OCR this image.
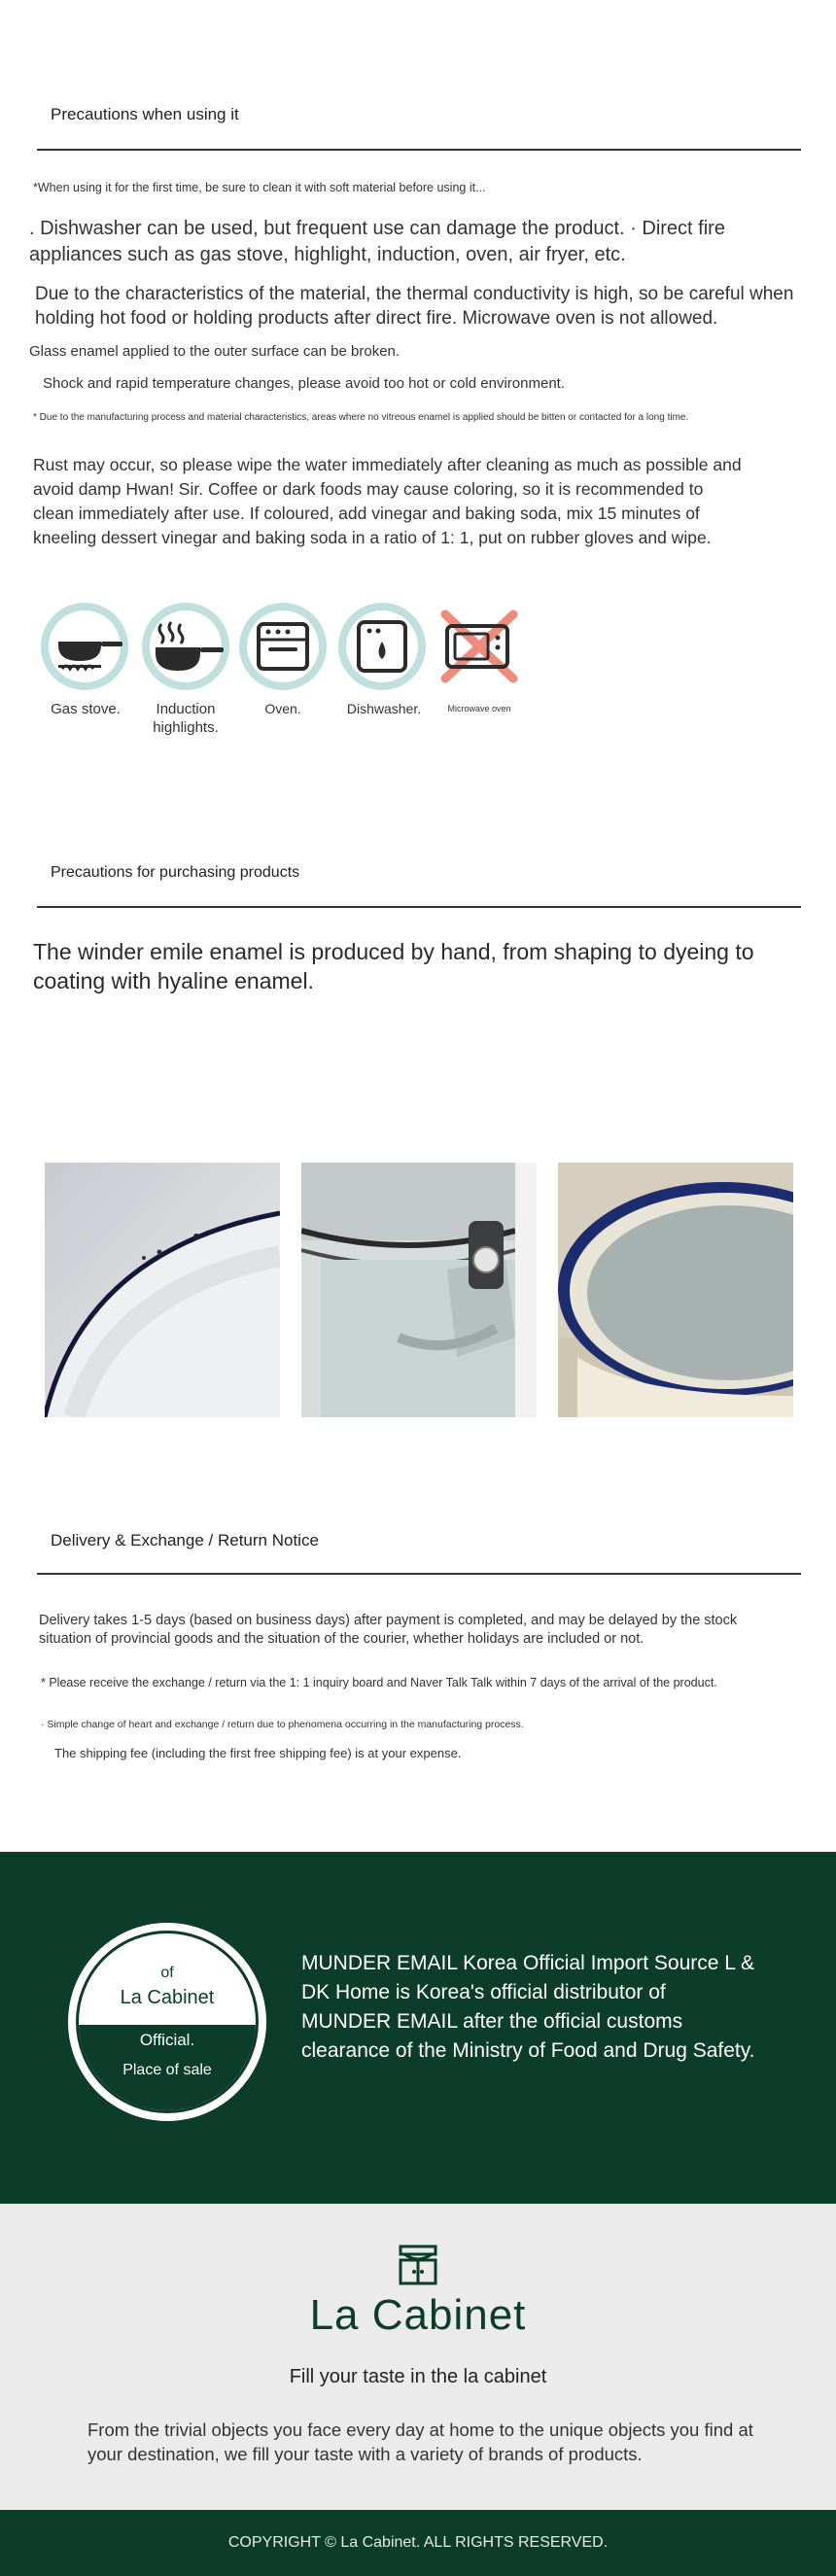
Precautions when using it
*When using it for the first time, be sure to clean it with soft material before using it...
. Dishwasher can be used, but frequent use can damage the product. · Direct fire appliances such as gas stove, highlight, induction, oven, air fryer, etc.
Due to the characteristics of the material, the thermal conductivity is high, so be careful when holding hot food or holding products after direct fire. Microwave oven is not allowed.
Glass enamel applied to the outer surface can be broken.
Shock and rapid temperature changes, please avoid too hot or cold environment.
* Due to the manufacturing process and material characteristics, areas where no vitreous enamel is applied should be bitten or contacted for a long time.
Rust may occur, so please wipe the water immediately after cleaning as much as possible and avoid damp Hwan! Sir. Coffee or dark foods may cause coloring, so it is recommended to clean immediately after use. If coloured, add vinegar and baking soda, mix 15 minutes of kneeling dessert vinegar and baking soda in a ratio of 1: 1, put on rubber gloves and wipe.
Gas stove.	Induction highlights.
Oven.	Dishwasher.	Microwave oven
Precautions for purchasing products
The winder emile enamel is produced by hand, from shaping to dyeing to coating with hyaline enamel.
Delivery & Exchange / Return Notice
Delivery takes 1-5 days (based on business days) after payment is completed, and may be delayed by the stock situation of provincial goods and the situation of the courier, whether holidays are included or not.
* Please receive the exchange / return via the 1: 1 inquiry board and Naver Talk Talk within 7 days of the arrival of the product.
· Simple change of heart and exchange / return due to phenomena occurring in the manufacturing process.
The shipping fee (including the first free shipping fee) is at your expense.
of
La Cabinet
Official.
Place of sale
MUNDER EMAIL Korea Official Import Source L & DK Home is Korea's official distributor of MUNDER EMAIL after the official customs clearance of the Ministry of Food and Drug Safety.
La Cabinet
Fill your taste in the la cabinet
From the trivial objects you face every day at home to the unique objects you find at your destination, we fill your taste with a variety of brands of products.
COPYRIGHT © La Cabinet. ALL RIGHTS RESERVED.
